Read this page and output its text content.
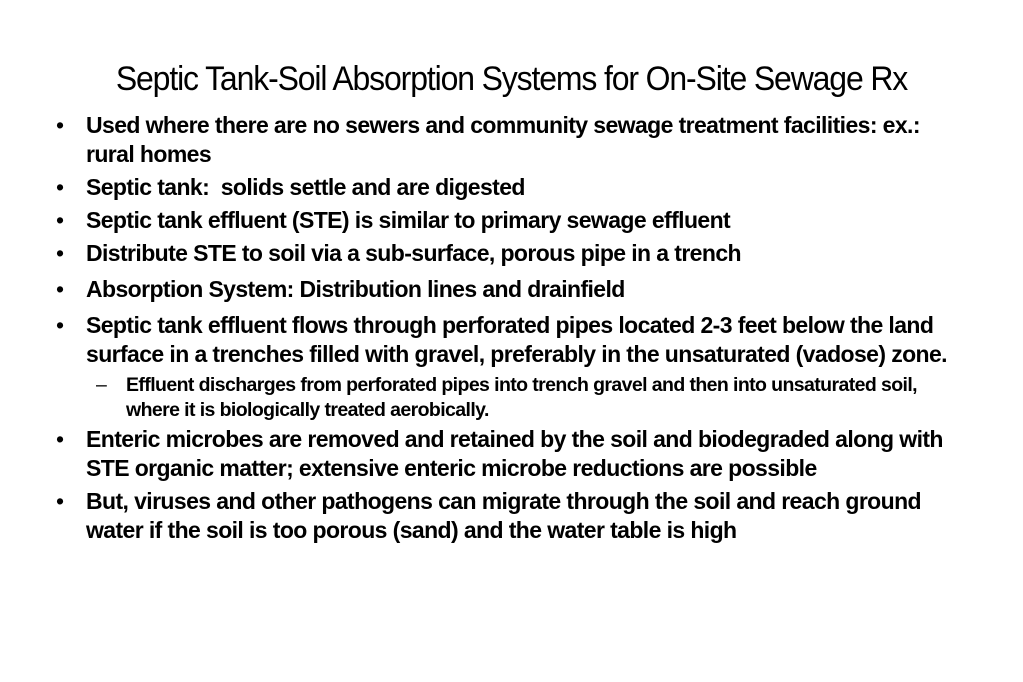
Septic Tank-Soil Absorption Systems for On-Site Sewage Rx
• Used where there are no sewers and community sewage treatment facilities: ex.: rural homes
• Septic tank:  solids settle and are digested
• Septic tank effluent (STE) is similar to primary sewage effluent
• Distribute STE to soil via a sub-surface, porous pipe in a trench
• Absorption System: Distribution lines and drainfield
• Septic tank effluent flows through perforated pipes located 2-3 feet below the land surface in a trenches filled with gravel, preferably in the unsaturated (vadose) zone.
– Effluent discharges from perforated pipes into trench gravel and then into unsaturated soil, where it is biologically treated aerobically.
• Enteric microbes are removed and retained by the soil and biodegraded along with STE organic matter; extensive enteric microbe reductions are possible
• But, viruses and other pathogens can migrate through the soil and reach ground water if the soil is too porous (sand) and the water table is high
